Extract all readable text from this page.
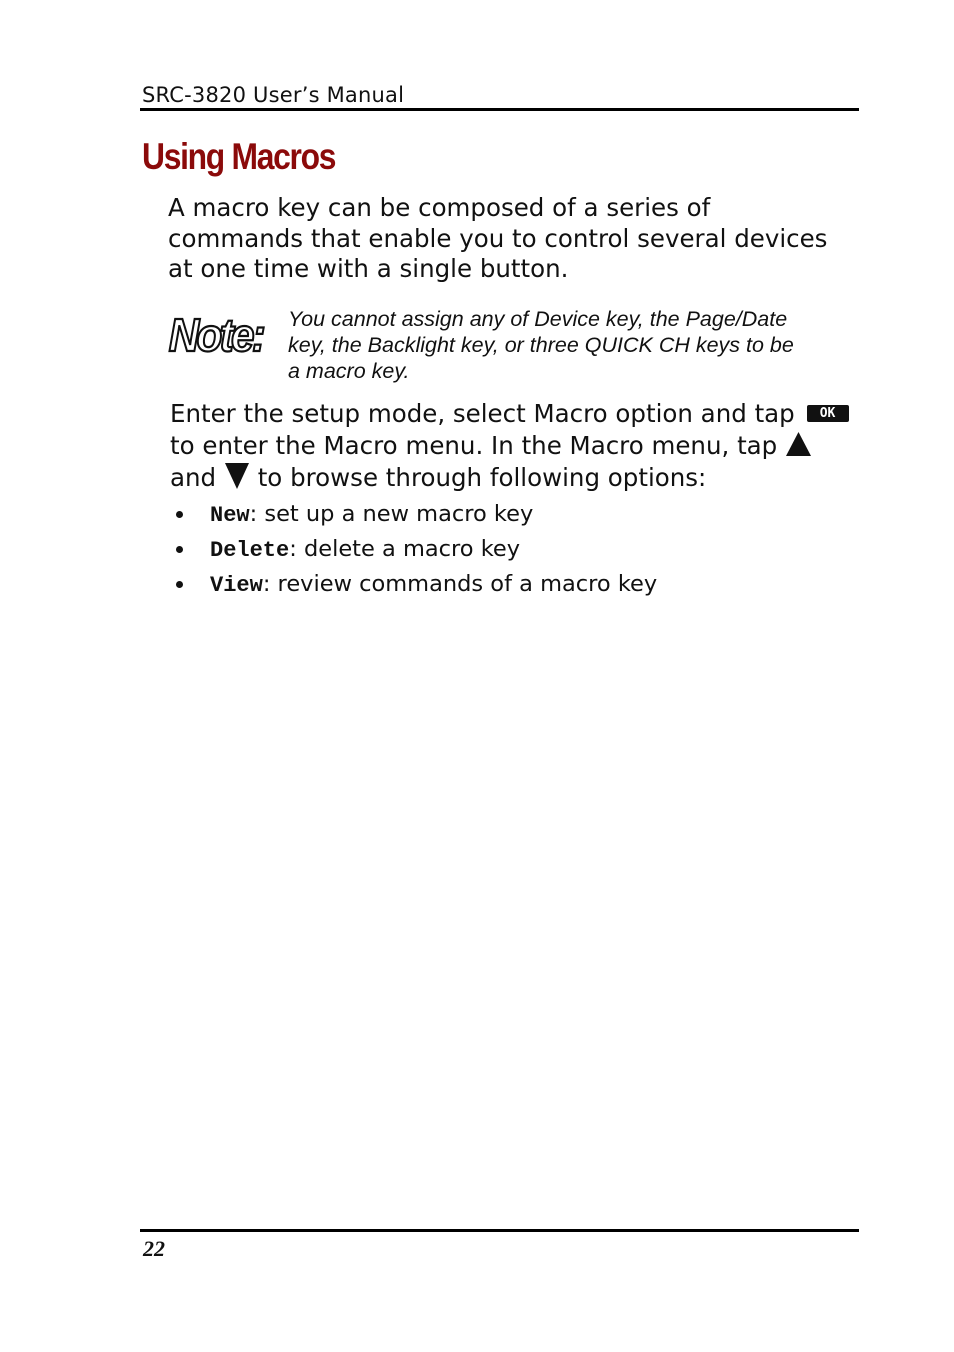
SRC-3820 User’s Manual
Using Macros
A macro key can be composed of a series of
commands that enable you to control several devices
at one time with a single button.
Note: You cannot assign any of Device key, the Page/Date
key, the Backlight key, or three QUICK CH keys to be
a macro key.
Enter the setup mode, select Macro option and tap OK
to enter the Macro menu. In the Macro menu, tap
and to browse through following options:
New: set up a new macro key
Delete: delete a macro key
View: review commands of a macro key
22
